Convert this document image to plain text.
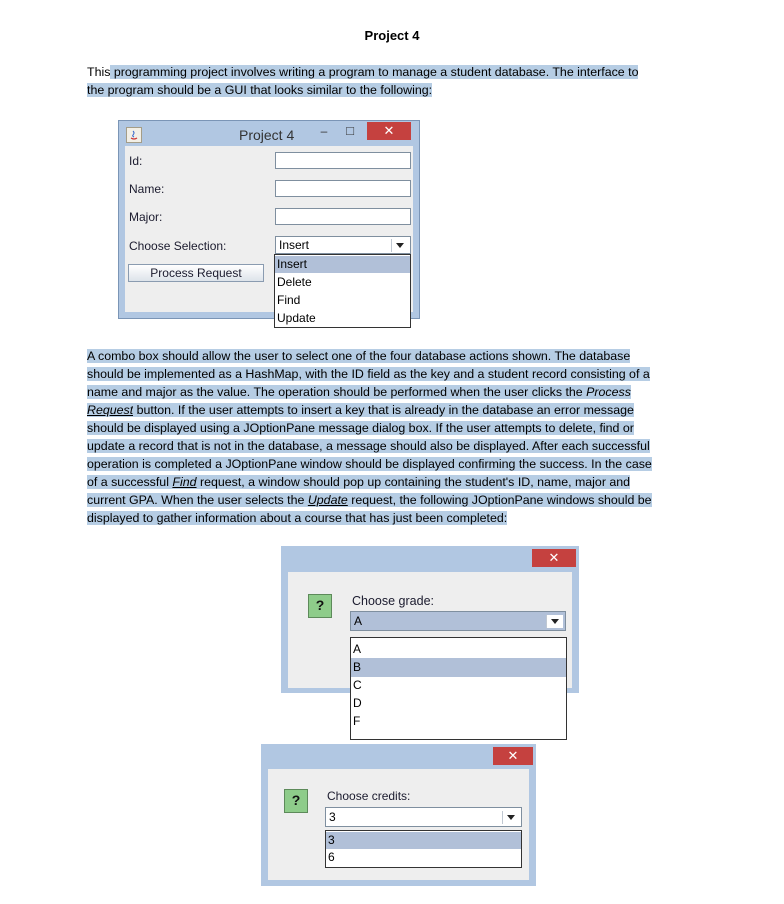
Project 4
This programming project involves writing a program to manage a student database. The interface to
the program should be a GUI that looks similar to the following:
Project 4	–	□	✕
Id:
Name:
Major:
Choose Selection:	Insert
Process Request
Insert
Delete
Find
Update
A combo box should allow the user to select one of the four database actions shown. The database
should be implemented as a HashMap, with the ID field as the key and a student record consisting of a
name and major as the value. The operation should be performed when the user clicks the Process
Request button. If the user attempts to insert a key that is already in the database an error message
should be displayed using a JOptionPane message dialog box. If the user attempts to delete, find or
update a record that is not in the database, a message should also be displayed. After each successful
operation is completed a JOptionPane window should be displayed confirming the success. In the case
of a successful Find request, a window should pop up containing the student's ID, name, major and
current GPA. When the user selects the Update request, the following JOptionPane windows should be
displayed to gather information about a course that has just been completed:
✕
?	Choose grade:
A
A
B
C
D
F
✕
?	Choose credits:
3
3
6
